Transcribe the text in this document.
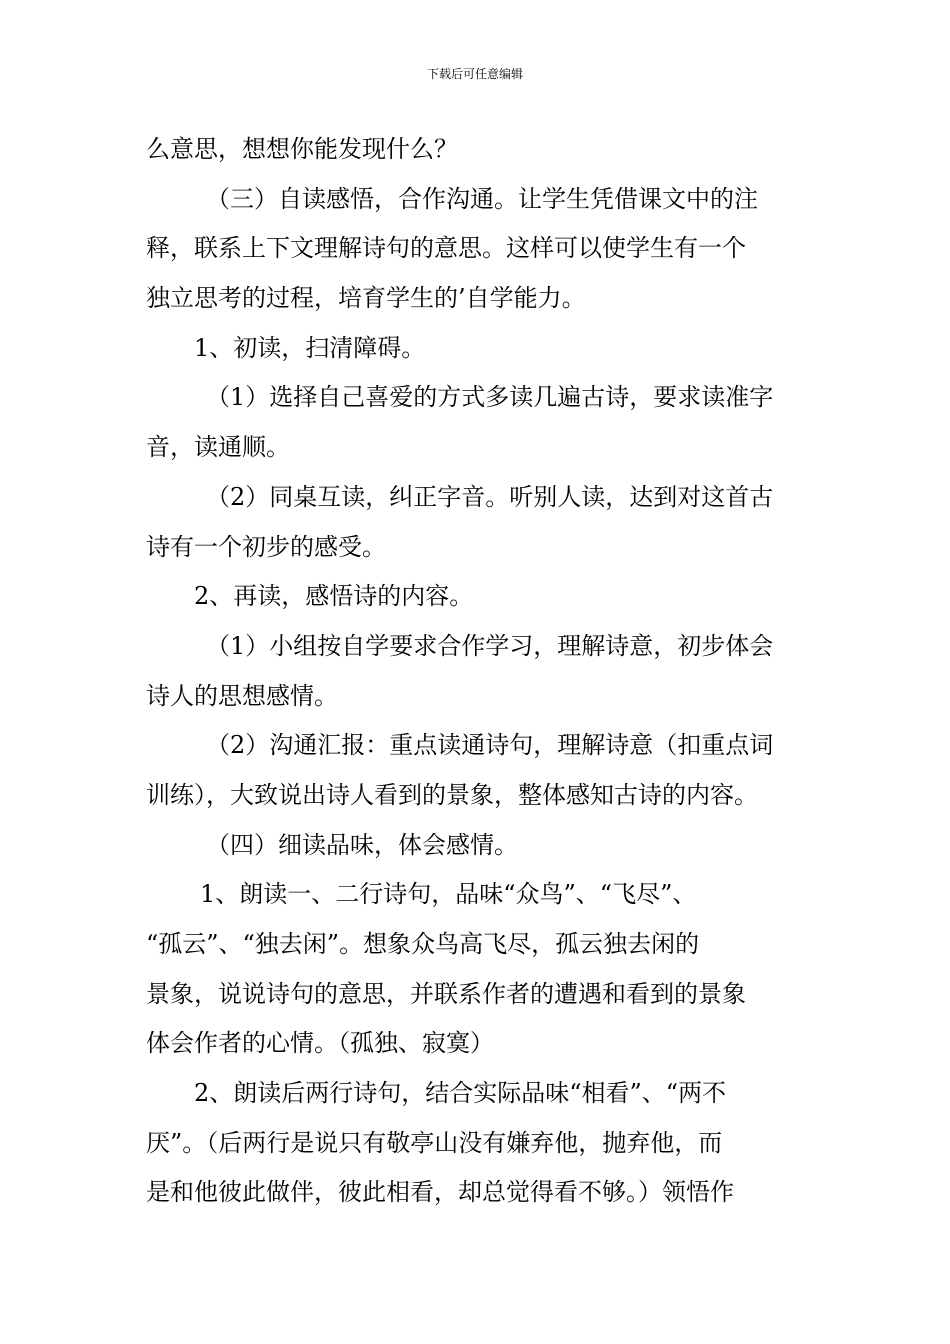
下载后可任意编辑
么意思，想想你能发现什么？
（三）自读感悟，合作沟通。让学生凭借课文中的注
释，联系上下文理解诗句的意思。这样可以使学生有一个
独立思考的过程，培育学生的’自学能力。
1、初读，扫清障碍。
（1）选择自己喜爱的方式多读几遍古诗，要求读准字
音，读通顺。
（2）同桌互读，纠正字音。听别人读，达到对这首古
诗有一个初步的感受。
2、再读，感悟诗的内容。
（1）小组按自学要求合作学习，理解诗意，初步体会
诗人的思想感情。
（2）沟通汇报：重点读通诗句，理解诗意（扣重点词
训练），大致说出诗人看到的景象，整体感知古诗的内容。
（四）细读品味，体会感情。
1、朗读一、二行诗句，品味“众鸟”、“飞尽”、
“孤云”、“独去闲”。想象众鸟高飞尽，孤云独去闲的
景象，说说诗句的意思，并联系作者的遭遇和看到的景象
体会作者的心情。（孤独、寂寞）
2、朗读后两行诗句，结合实际品味“相看”、“两不
厌”。（后两行是说只有敬亭山没有嫌弃他，抛弃他，而
是和他彼此做伴，彼此相看，却总觉得看不够。）领悟作
